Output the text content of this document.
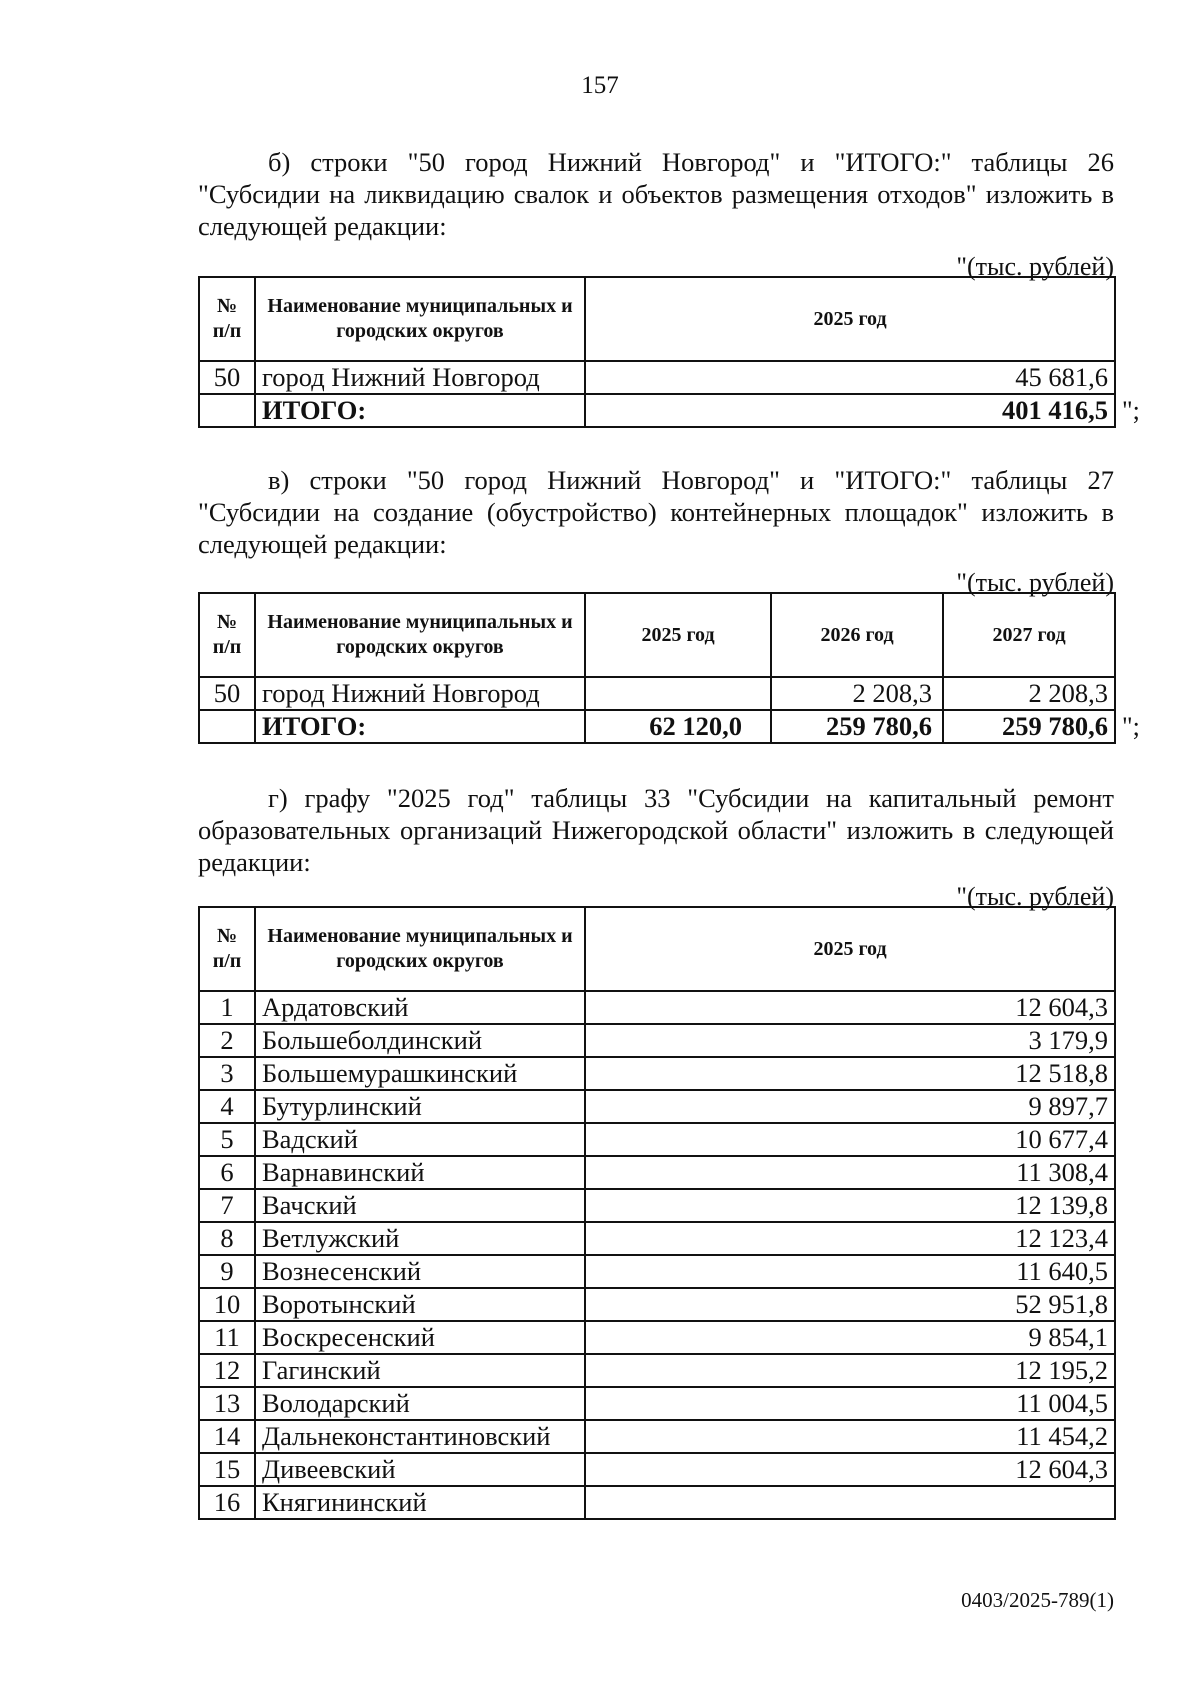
157
б) строки "50 город Нижний Новгород" и "ИТОГО:" таблицы 26 "Субсидии на ликвидацию свалок и объектов размещения отходов" изложить в следующей редакции:
"(тыс. рублей)
№ п/п	Наименование муниципальных и городских округов	2025 год
50	город Нижний Новгород	45 681,6
	ИТОГО:	401 416,5 ";
в) строки "50 город Нижний Новгород" и "ИТОГО:" таблицы 27 "Субсидии на создание (обустройство) контейнерных площадок" изложить в следующей редакции:
"(тыс. рублей)
№ п/п	Наименование муниципальных и городских округов	2025 год	2026 год	2027 год
50	город Нижний Новгород		2 208,3	2 208,3
	ИТОГО:	62 120,0	259 780,6	259 780,6 ";
г) графу "2025 год" таблицы 33 "Субсидии на капитальный ремонт образовательных организаций Нижегородской области" изложить в следующей редакции:
"(тыс. рублей)
№ п/п	Наименование муниципальных и городских округов	2025 год
1	Ардатовский	12 604,3
2	Большеболдинский	3 179,9
3	Большемурашкинский	12 518,8
4	Бутурлинский	9 897,7
5	Вадский	10 677,4
6	Варнавинский	11 308,4
7	Вачский	12 139,8
8	Ветлужский	12 123,4
9	Вознесенский	11 640,5
10	Воротынский	52 951,8
11	Воскресенский	9 854,1
12	Гагинский	12 195,2
13	Володарский	11 004,5
14	Дальнеконстантиновский	11 454,2
15	Дивеевский	12 604,3
16	Княгининский	
0403/2025-789(1)
